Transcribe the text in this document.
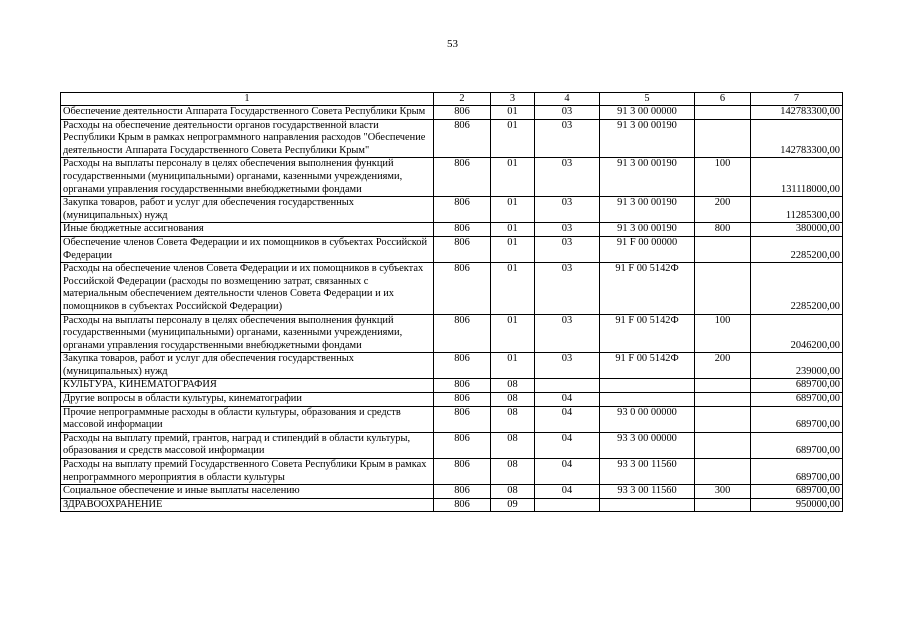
53
1	2	3	4	5	6	7
Обеспечение деятельности Аппарата Государственного Совета Республики Крым	806	01	03	91 3 00 00000		142783300,00
Расходы на обеспечение деятельности органов государственной власти Республики Крым в рамках непрограммного направления расходов "Обеспечение деятельности Аппарата Государственного Совета Республики Крым"	806	01	03	91 3 00 00190		142783300,00
Расходы на выплаты персоналу в целях обеспечения выполнения функций государственными (муниципальными) органами, казенными учреждениями, органами управления государственными внебюджетными фондами	806	01	03	91 3 00 00190	100	131118000,00
Закупка товаров, работ и услуг для обеспечения государственных (муниципальных) нужд	806	01	03	91 3 00 00190	200	11285300,00
Иные бюджетные ассигнования	806	01	03	91 3 00 00190	800	380000,00
Обеспечение членов Совета Федерации и их помощников в субъектах Российской Федерации	806	01	03	91 F 00 00000		2285200,00
Расходы на обеспечение членов Совета Федерации и их помощников в субъектах Российской Федерации (расходы по возмещению затрат, связанных с материальным обеспечением деятельности членов Совета Федерации и их помощников в субъектах Российской Федерации)	806	01	03	91 F 00 5142Ф		2285200,00
Расходы на выплаты персоналу в целях обеспечения выполнения функций государственными (муниципальными) органами, казенными учреждениями, органами управления государственными внебюджетными фондами	806	01	03	91 F 00 5142Ф	100	2046200,00
Закупка товаров, работ и услуг для обеспечения государственных (муниципальных) нужд	806	01	03	91 F 00 5142Ф	200	239000,00
КУЛЬТУРА, КИНЕМАТОГРАФИЯ	806	08				689700,00
Другие вопросы в области культуры, кинематографии	806	08	04			689700,00
Прочие непрограммные расходы в области культуры, образования и средств массовой информации	806	08	04	93 0 00 00000		689700,00
Расходы на выплату премий, грантов, наград и стипендий в области культуры, образования и средств массовой информации	806	08	04	93 3 00 00000		689700,00
Расходы на выплату премий Государственного Совета Республики Крым в рамках непрограммного мероприятия в области культуры	806	08	04	93 3 00 11560		689700,00
Социальное обеспечение и иные выплаты населению	806	08	04	93 3 00 11560	300	689700,00
ЗДРАВООХРАНЕНИЕ	806	09				950000,00
